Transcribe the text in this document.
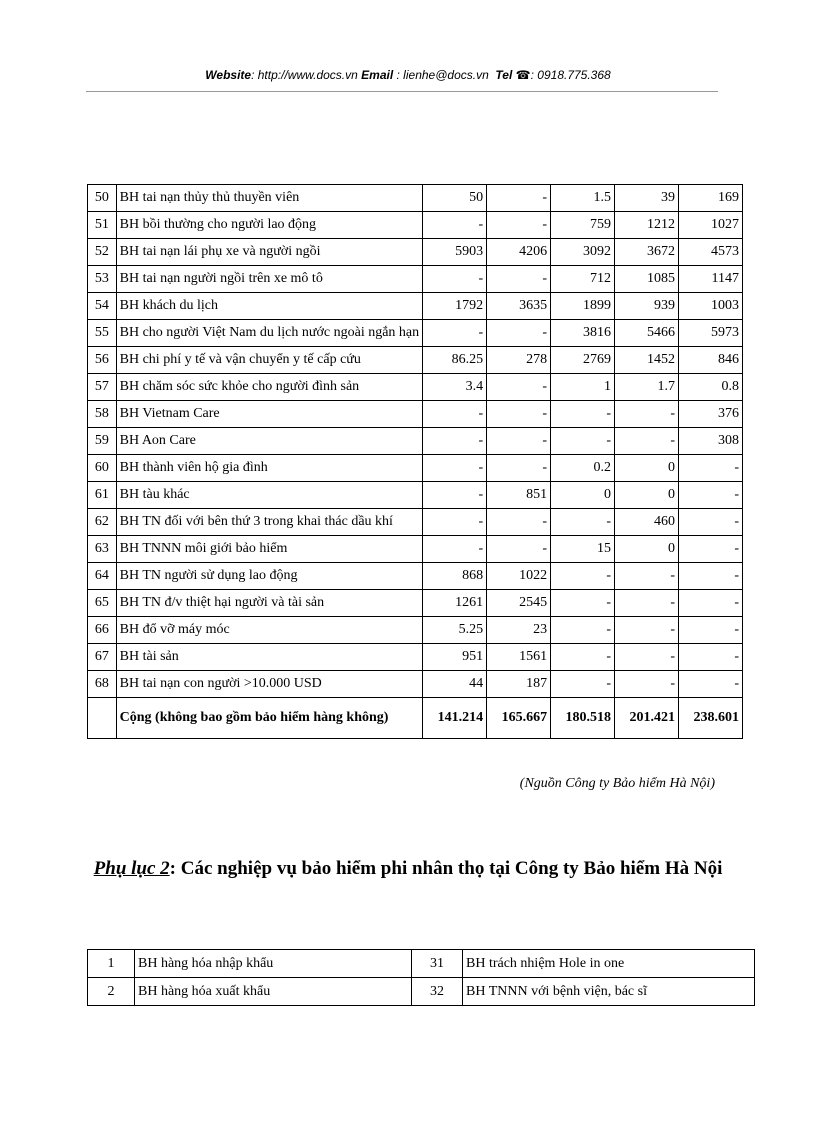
Website: http://www.docs.vn Email : lienhe@docs.vn Tel ☎: 0918.775.368
50	BH tai nạn thủy thủ thuyền viên	50	-	1.5	39	169
51	BH bồi thường cho người lao động	-	-	759	1212	1027
52	BH tai nạn lái phụ xe và người ngồi	5903	4206	3092	3672	4573
53	BH tai nạn người ngồi trên xe mô tô	-	-	712	1085	1147
54	BH khách du lịch	1792	3635	1899	939	1003
55	BH cho người Việt Nam du lịch nước ngoài ngắn hạn	-	-	3816	5466	5973
56	BH chi phí y tế và vận chuyển y tế cấp cứu	86.25	278	2769	1452	846
57	BH chăm sóc sức khỏe cho người đình sản	3.4	-	1	1.7	0.8
58	BH Vietnam Care	-	-	-	-	376
59	BH Aon Care	-	-	-	-	308
60	BH thành viên hộ gia đình	-	-	0.2	0	-
61	BH tàu khác	-	851	0	0	-
62	BH TN đối với bên thứ 3 trong khai thác dầu khí	-	-	-	460	-
63	BH TNNN môi giới bảo hiểm	-	-	15	0	-
64	BH TN người sử dụng lao động	868	1022	-	-	-
65	BH TN đ/v thiệt hại người và tài sản	1261	2545	-	-	-
66	BH đổ vỡ máy móc	5.25	23	-	-	-
67	BH tài sản	951	1561	-	-	-
68	BH tai nạn con người >10.000 USD	44	187	-	-	-
	Cộng (không bao gồm bảo hiểm hàng không)	141.214	165.667	180.518	201.421	238.601
(Nguồn Công ty Bảo hiểm Hà Nội)
Phụ lục 2: Các nghiệp vụ bảo hiểm phi nhân thọ tại Công ty Bảo hiểm Hà Nội
1	BH hàng hóa nhập khẩu	31	BH trách nhiệm Hole in one
2	BH hàng hóa xuất khẩu	32	BH TNNN với bệnh viện, bác sĩ
